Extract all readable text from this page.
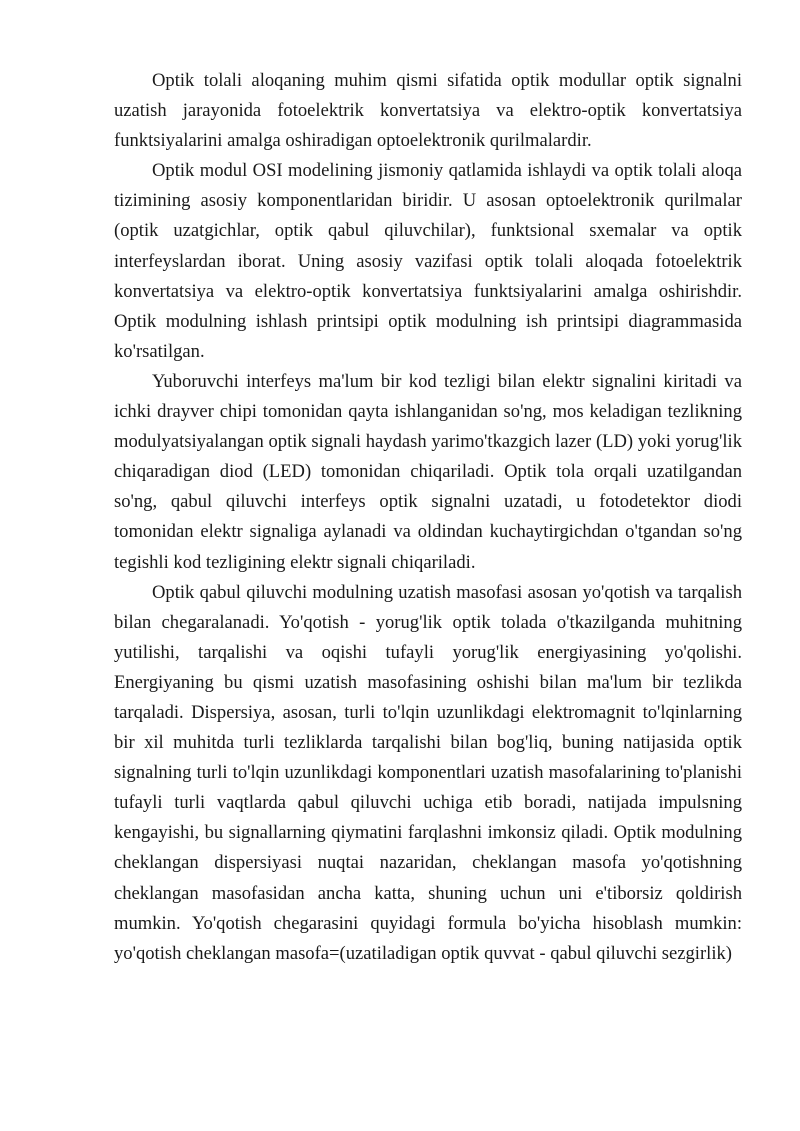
Optik tolali aloqaning muhim qismi sifatida optik modullar optik signalni uzatish jarayonida fotoelektrik konvertatsiya va elektro-optik konvertatsiya funktsiyalarini amalga oshiradigan optoelektronik qurilmalardir.

Optik modul OSI modelining jismoniy qatlamida ishlaydi va optik tolali aloqa tizimining asosiy komponentlaridan biridir. U asosan optoelektronik qurilmalar (optik uzatgichlar, optik qabul qiluvchilar), funktsional sxemalar va optik interfeyslardan iborat. Uning asosiy vazifasi optik tolali aloqada fotoelektrik konvertatsiya va elektro-optik konvertatsiya funktsiyalarini amalga oshirishdir. Optik modulning ishlash printsipi optik modulning ish printsipi diagrammasida ko'rsatilgan.

Yuboruvchi interfeys ma'lum bir kod tezligi bilan elektr signalini kiritadi va ichki drayver chipi tomonidan qayta ishlanganidan so'ng, mos keladigan tezlikning modulyatsiyalangan optik signali haydash yarimo'tkazgich lazer (LD) yoki yorug'lik chiqaradigan diod (LED) tomonidan chiqariladi. Optik tola orqali uzatilgandan so'ng, qabul qiluvchi interfeys optik signalni uzatadi, u fotodetektor diodi tomonidan elektr signaliga aylanadi va oldindan kuchaytirgichdan o'tgandan so'ng tegishli kod tezligining elektr signali chiqariladi.

Optik qabul qiluvchi modulning uzatish masofasi asosan yo'qotish va tarqalish bilan chegaralanadi. Yo'qotish - yorug'lik optik tolada o'tkazilganda muhitning yutilishi, tarqalishi va oqishi tufayli yorug'lik energiyasining yo'qolishi. Energiyaning bu qismi uzatish masofasining oshishi bilan ma'lum bir tezlikda tarqaladi. Dispersiya, asosan, turli to'lqin uzunlikdagi elektromagnit to'lqinlarning bir xil muhitda turli tezliklarda tarqalishi bilan bog'liq, buning natijasida optik signalning turli to'lqin uzunlikdagi komponentlari uzatish masofalarining to'planishi tufayli turli vaqtlarda qabul qiluvchi uchiga etib boradi, natijada impulsning kengayishi, bu signallarning qiymatini farqlashni imkonsiz qiladi. Optik modulning cheklangan dispersiyasi nuqtai nazaridan, cheklangan masofa yo'qotishning cheklangan masofasidan ancha katta, shuning uchun uni e'tiborsiz qoldirish mumkin. Yo'qotish chegarasini quyidagi formula bo'yicha hisoblash mumkin: yo'qotish cheklangan masofa=(uzatiladigan optik quvvat - qabul qiluvchi sezgirlik)
